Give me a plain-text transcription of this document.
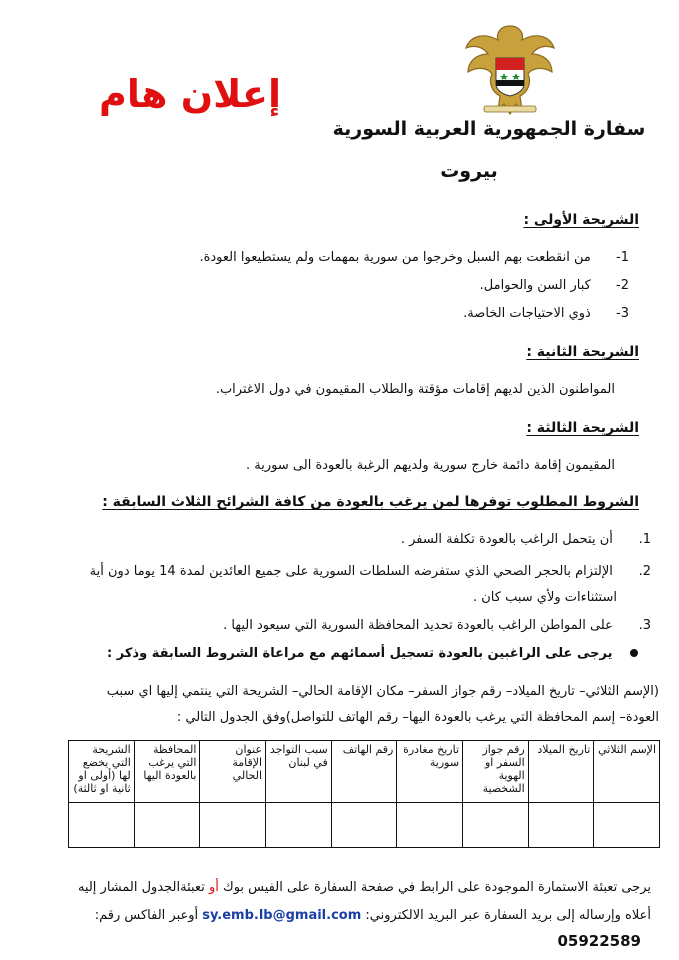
إعلان هام
سفارة الجمهورية العربية السورية
بيروت
الشريحة الأولى :
1- من انقطعت بهم السبل وخرجوا من سورية بمهمات ولم يستطيعوا العودة.
2- كبار السن والحوامل.
3- ذوي الاحتياجات الخاصة.
الشريحة الثانية :
المواطنون الذين لديهم إقامات مؤقتة والطلاب المقيمون في دول الاغتراب.
الشريحة الثالثة :
المقيمون إقامة دائمة خارج سورية ولديهم الرغبة بالعودة الى سورية .
الشروط المطلوب توفرها لمن يرغب بالعودة من كافة الشرائح الثلاث السابقة :
1. أن يتحمل الراغب بالعودة تكلفة السفر .
2. الإلتزام بالحجر الصحي الذي ستفرضه السلطات السورية على جميع العائدين لمدة 14 يوما دون أية
استثناءات ولأي سبب كان .
3. على المواطن الراغب بالعودة تحديد المحافظة السورية التي سيعود اليها .
يرجى على الراغبين بالعودة تسجيل أسمائهم مع مراعاة الشروط السابقة وذكر :
(الإسم الثلاثي– تاريخ الميلاد– رقم جواز السفر– مكان الإقامة الحالي– الشريحة التي ينتمي إليها اي سبب
العودة– إسم المحافظة التي يرغب بالعودة اليها– رقم الهاتف للتواصل)وفق الجدول التالي :
الإسم الثلاثي	تاريخ الميلاد	رقم جواز السفر او الهوية الشخصية	تاريخ مغادرة سورية	رقم الهاتف	سبب التواجد في لبنان	عنوان الإقامة الحالي	المحافظة التي يرغب بالعودة اليها	الشريحة التي يخضع لها (أولى او ثانية او ثالثة)

يرجى تعبئة الاستمارة الموجودة على الرابط في صفحة السفارة على الفيس بوك أو تعبئةالجدول المشار إليه
أعلاه وإرساله إلى بريد السفارة عبر البريد الالكتروني: sy.emb.lb@gmail.com أوعبر الفاكس رقم:
05922589
